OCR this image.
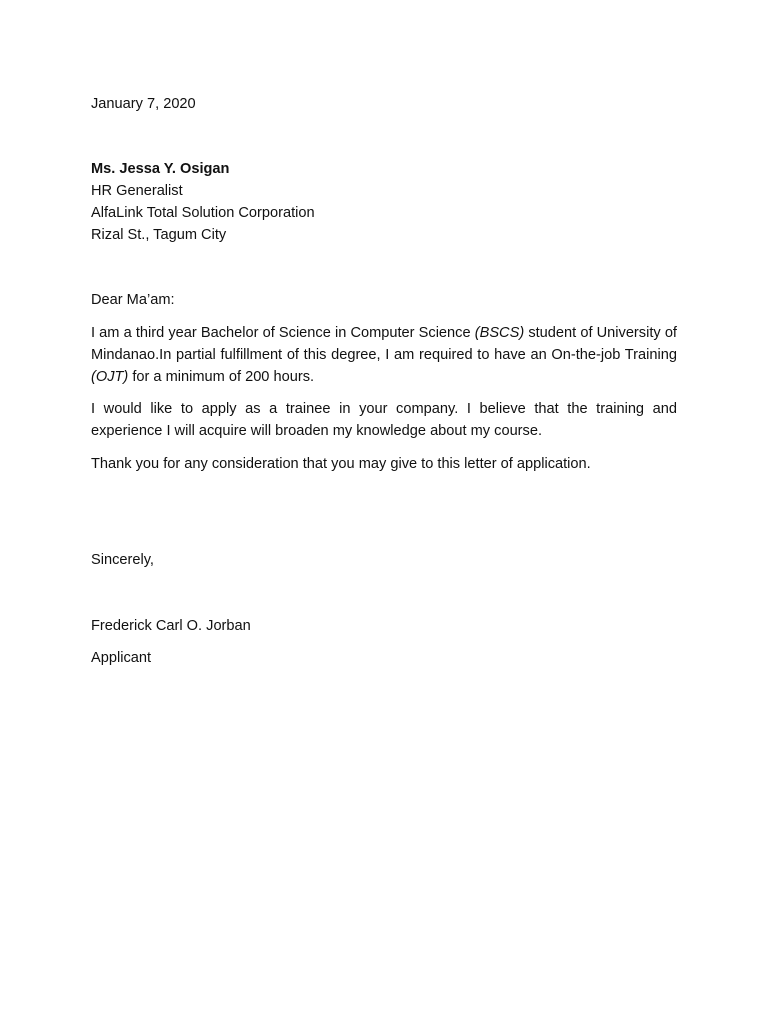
January 7, 2020
Ms. Jessa Y. Osigan
HR Generalist
AlfaLink Total Solution Corporation
Rizal St., Tagum City
Dear Ma’am:
I am a third year Bachelor of Science in Computer Science (BSCS) student of University of Mindanao.In partial fulfillment of this degree, I am required to have an On-the-job Training (OJT) for a minimum of 200 hours.
I would like to apply as a trainee in your company. I believe that the training and experience I will acquire will broaden my knowledge about my course.
Thank you for any consideration that you may give to this letter of application.
Sincerely,
Frederick Carl O. Jorban
Applicant
